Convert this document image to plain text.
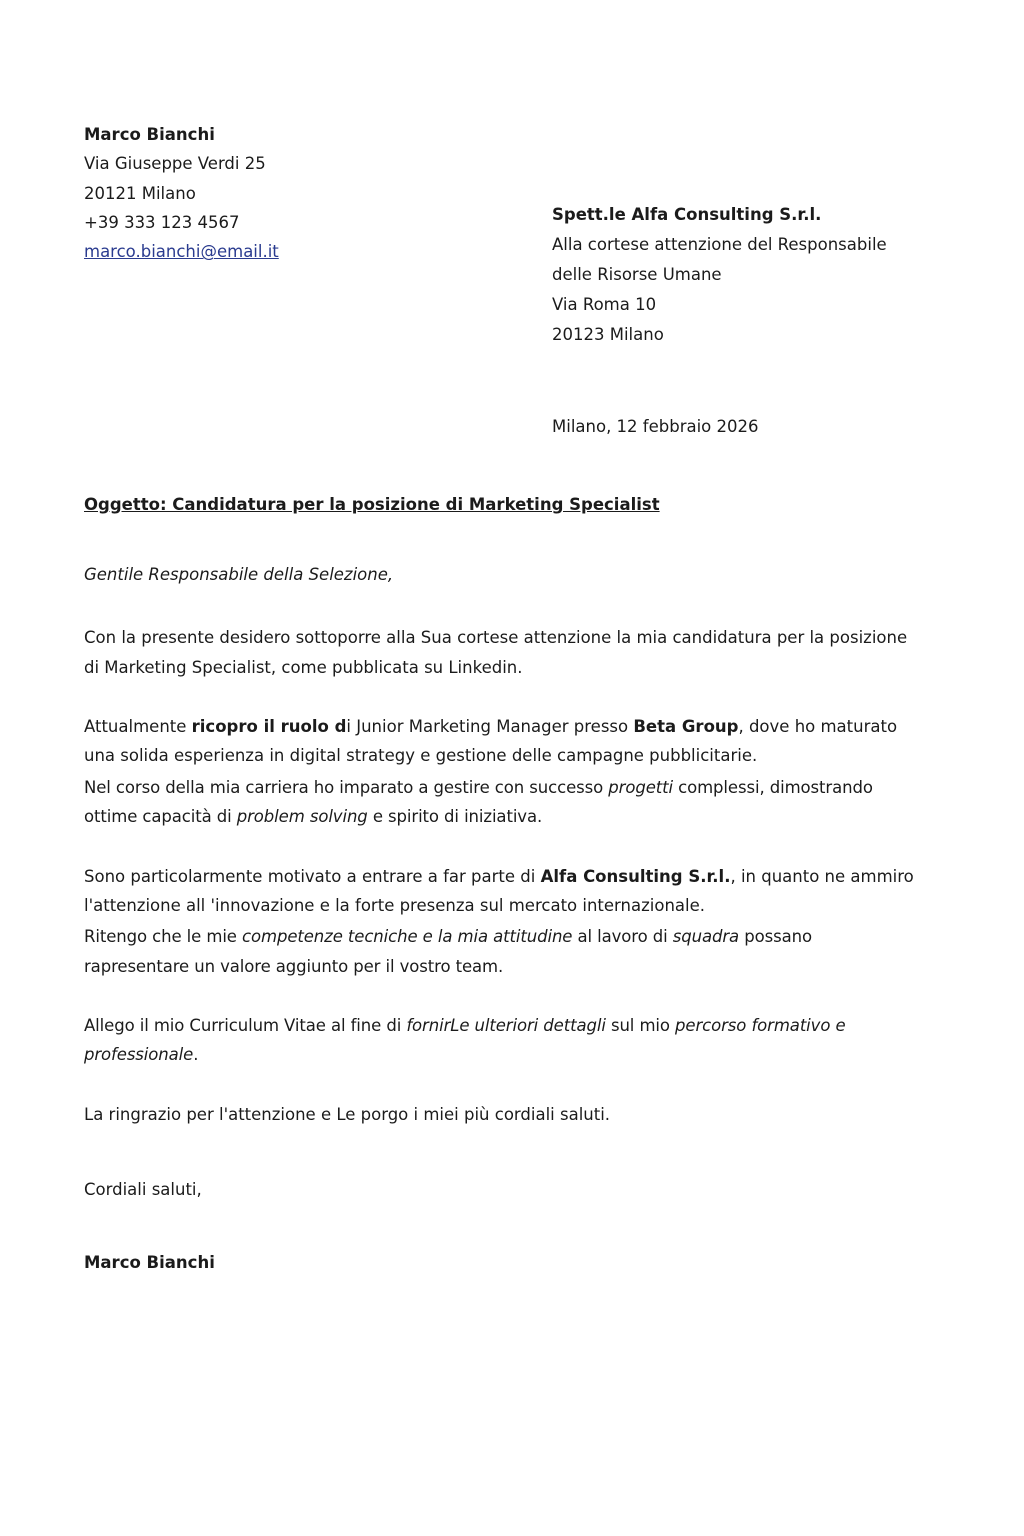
Marco Bianchi
Via Giuseppe Verdi 25
20121 Milano
+39 333 123 4567
marco.bianchi@email.it
Spett.le Alfa Consulting S.r.l.
Alla cortese attenzione del Responsabile
delle Risorse Umane
Via Roma 10
20123 Milano
Milano, 12 febbraio 2026
Oggetto: Candidatura per la posizione di Marketing Specialist

Gentile Responsabile della Selezione,

Con la presente desidero sottoporre alla Sua cortese attenzione la mia candidatura per la posizione di Marketing Specialist, come pubblicata su Linkedin.

Attualmente ricopro il ruolo di Junior Marketing Manager presso Beta Group, dove ho maturato una solida esperienza in digital strategy e gestione delle campagne pubblicitarie.

Nel corso della mia carriera ho imparato a gestire con successo progetti complessi, dimostrando ottime capacità di problem solving e spirito di iniziativa.

Sono particolarmente motivato a entrare a far parte di Alfa Consulting S.r.l., in quanto ne ammiro l'attenzione all 'innovazione e la forte presenza sul mercato internazionale.

Ritengo che le mie competenze tecniche e la mia attitudine al lavoro di squadra possano rapresentare un valore aggiunto per il vostro team.

Allego il mio Curriculum Vitae al fine di fornirLe ulteriori dettagli sul mio percorso formativo e professionale.

La ringrazio per l'attenzione e Le porgo i miei più cordiali saluti.

Cordiali saluti,

Marco Bianchi
